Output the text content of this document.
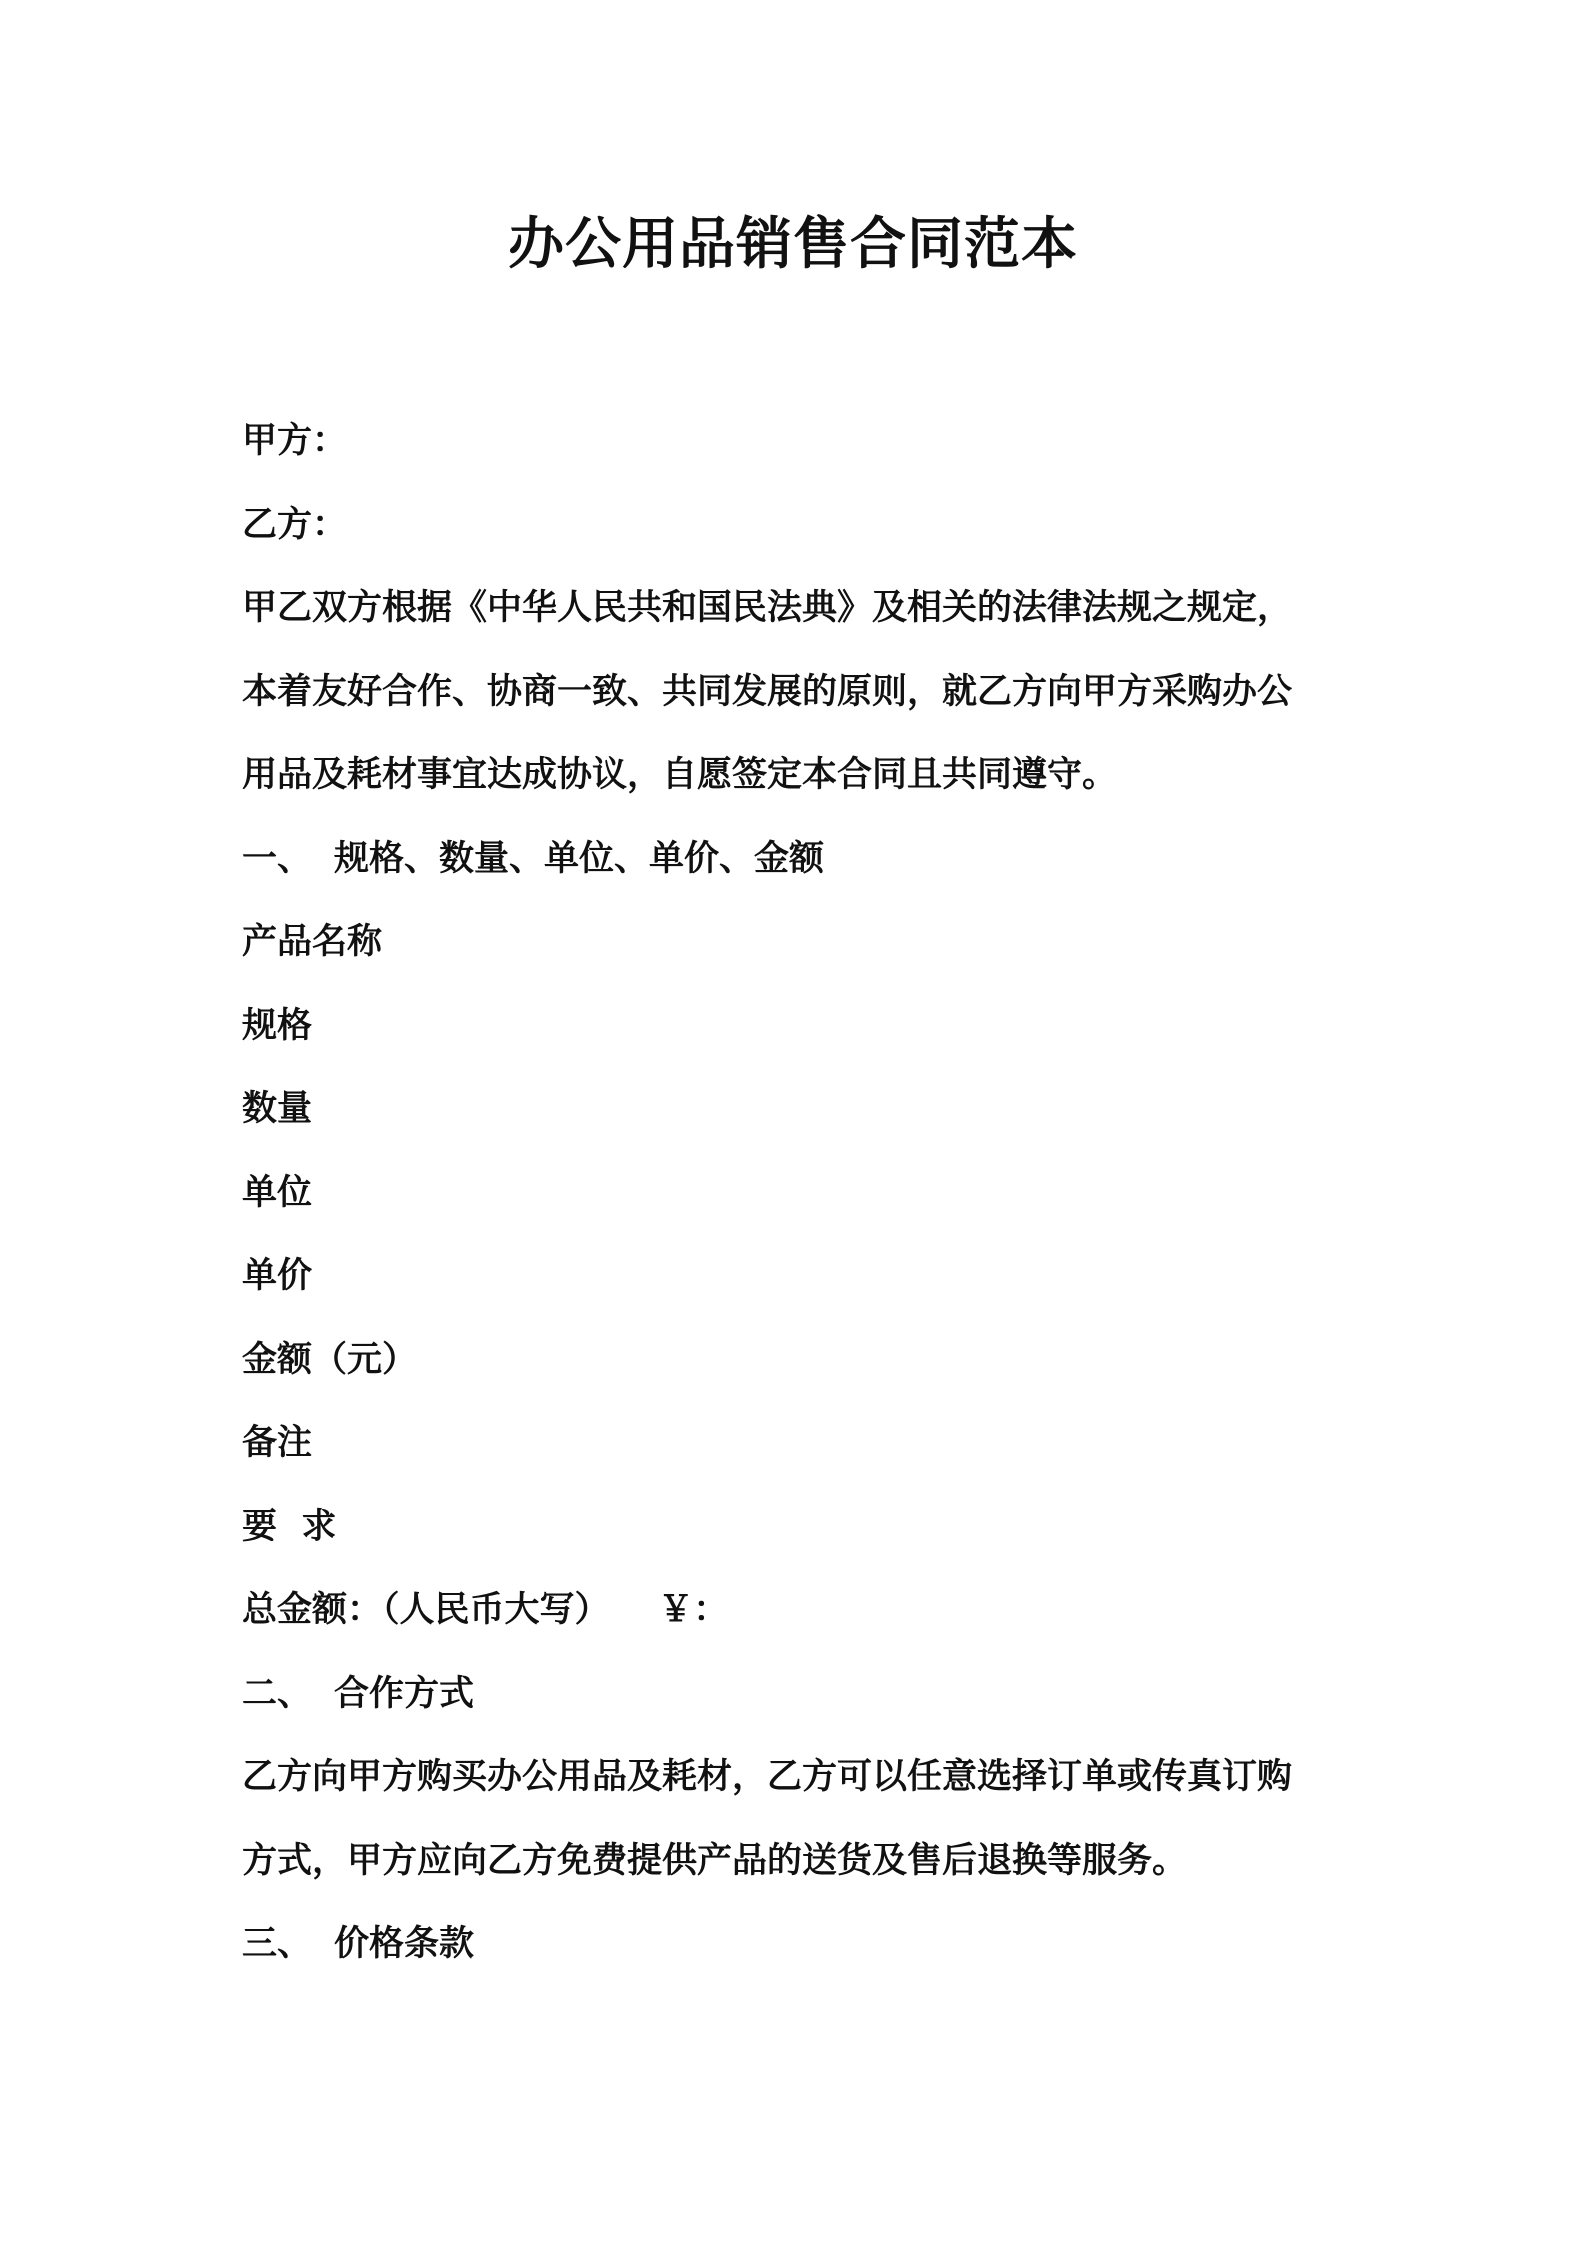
办公用品销售合同范本
甲方：
乙方：
甲乙双方根据《中华人民共和国民法典》及相关的法律法规之规定，
本着友好合作、协商一致、共同发展的原则，就乙方向甲方采购办公
用品及耗材事宜达成协议，自愿签定本合同且共同遵守。
一、 规格、数量、单位、单价、金额
产品名称
规格
数量
单位
单价
金额（元）
备注
要  求
总金额：（人民币大写）    ￥：
二、 合作方式
乙方向甲方购买办公用品及耗材，乙方可以任意选择订单或传真订购
方式，甲方应向乙方免费提供产品的送货及售后退换等服务。
三、 价格条款
